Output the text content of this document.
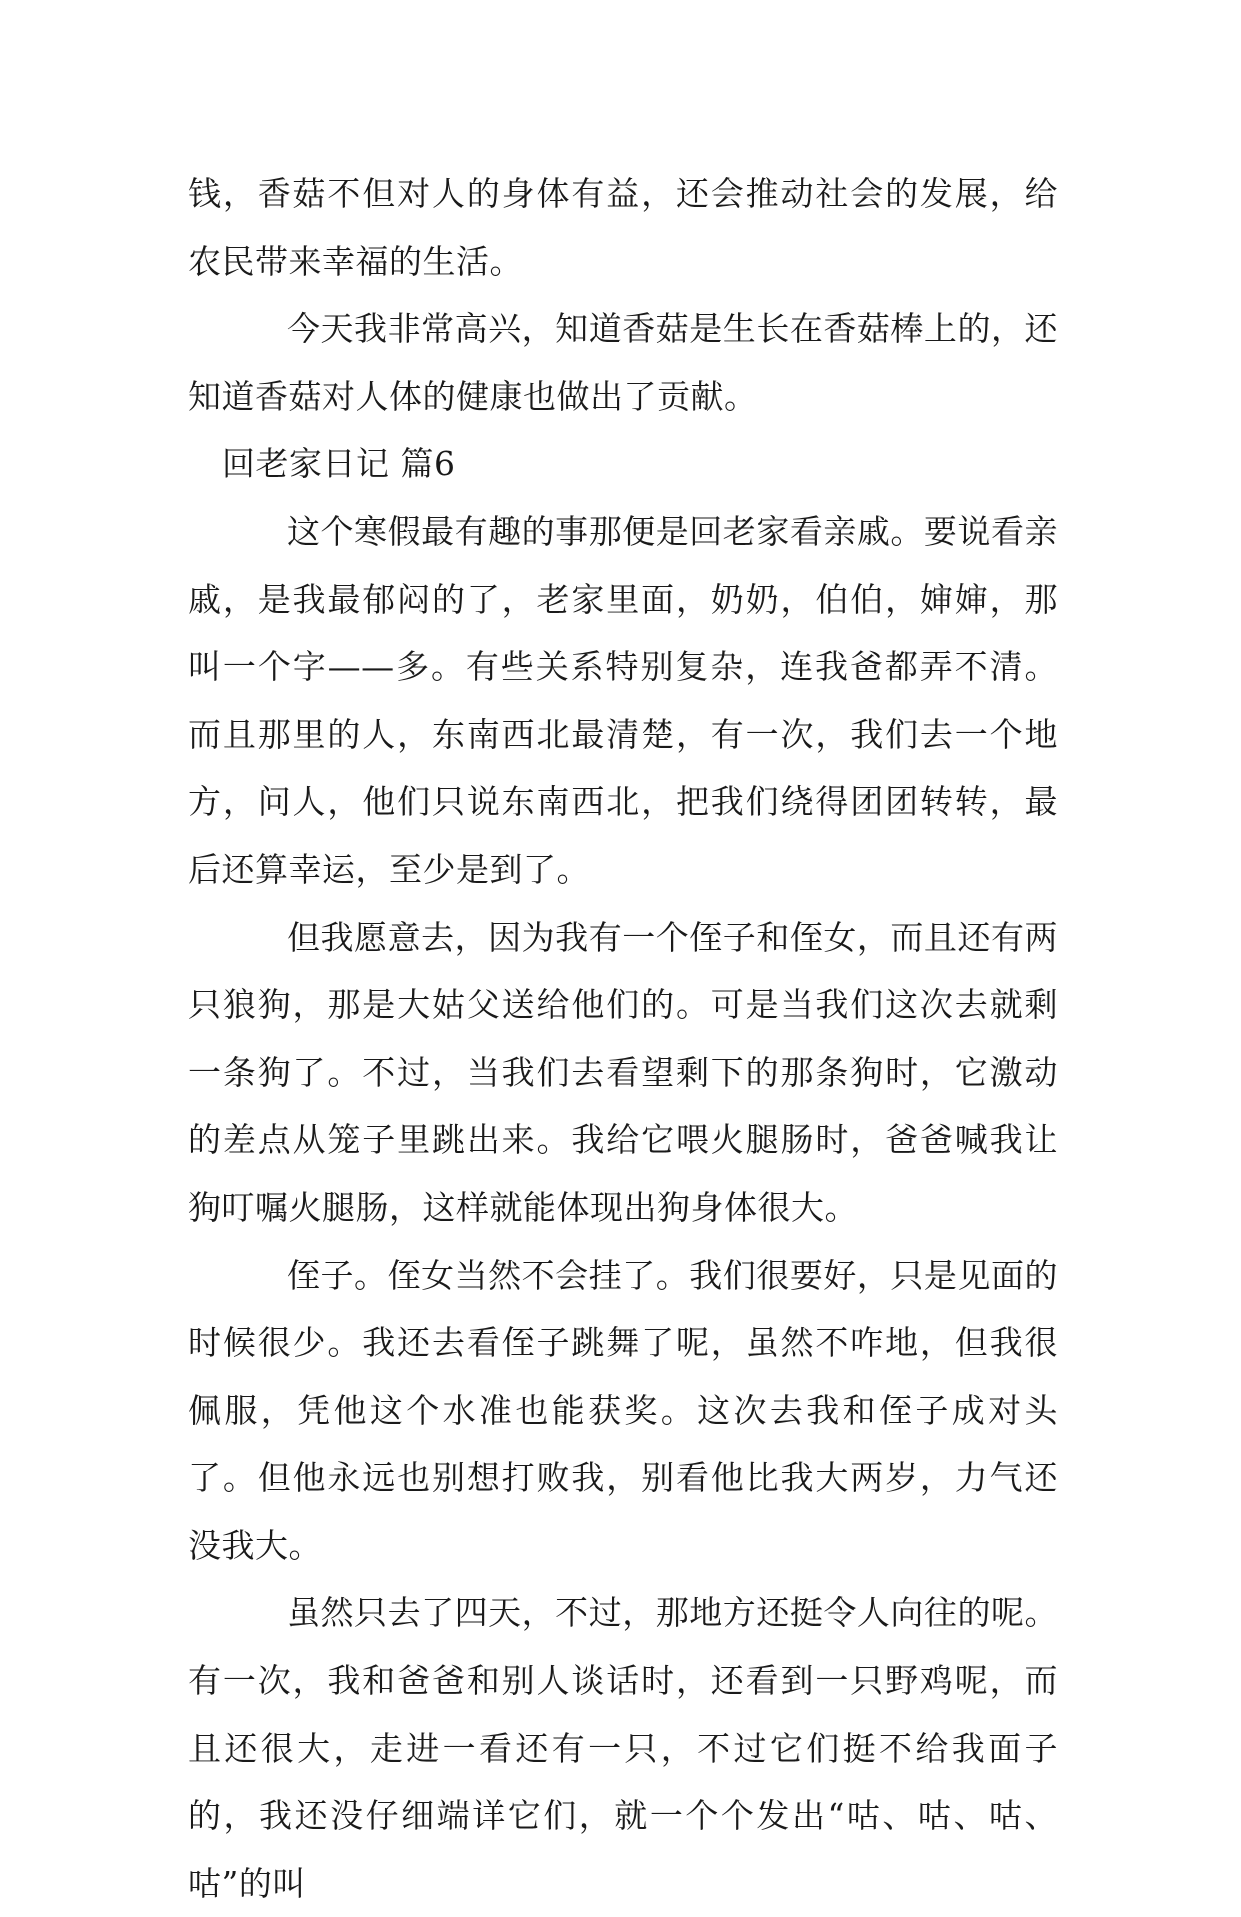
钱，香菇不但对人的身体有益，还会推动社会的发展，给农民带来幸福的生活。

今天我非常高兴，知道香菇是生长在香菇棒上的，还知道香菇对人体的健康也做出了贡献。

回老家日记 篇6

这个寒假最有趣的事那便是回老家看亲戚。要说看亲戚，是我最郁闷的了，老家里面，奶奶，伯伯，婶婶，那叫一个字——多。有些关系特别复杂，连我爸都弄不清。而且那里的人，东南西北最清楚，有一次，我们去一个地方，问人，他们只说东南西北，把我们绕得团团转转，最后还算幸运，至少是到了。

但我愿意去，因为我有一个侄子和侄女，而且还有两只狼狗，那是大姑父送给他们的。可是当我们这次去就剩一条狗了。不过，当我们去看望剩下的那条狗时，它激动的差点从笼子里跳出来。我给它喂火腿肠时，爸爸喊我让狗叮嘱火腿肠，这样就能体现出狗身体很大。

侄子。侄女当然不会挂了。我们很要好，只是见面的时候很少。我还去看侄子跳舞了呢，虽然不咋地，但我很佩服，凭他这个水准也能获奖。这次去我和侄子成对头了。但他永远也别想打败我，别看他比我大两岁，力气还没我大。

虽然只去了四天，不过，那地方还挺令人向往的呢。有一次，我和爸爸和别人谈话时，还看到一只野鸡呢，而且还很大，走进一看还有一只，不过它们挺不给我面子的，我还没仔细端详它们，就一个个发出“咕、咕、咕、咕”的叫
